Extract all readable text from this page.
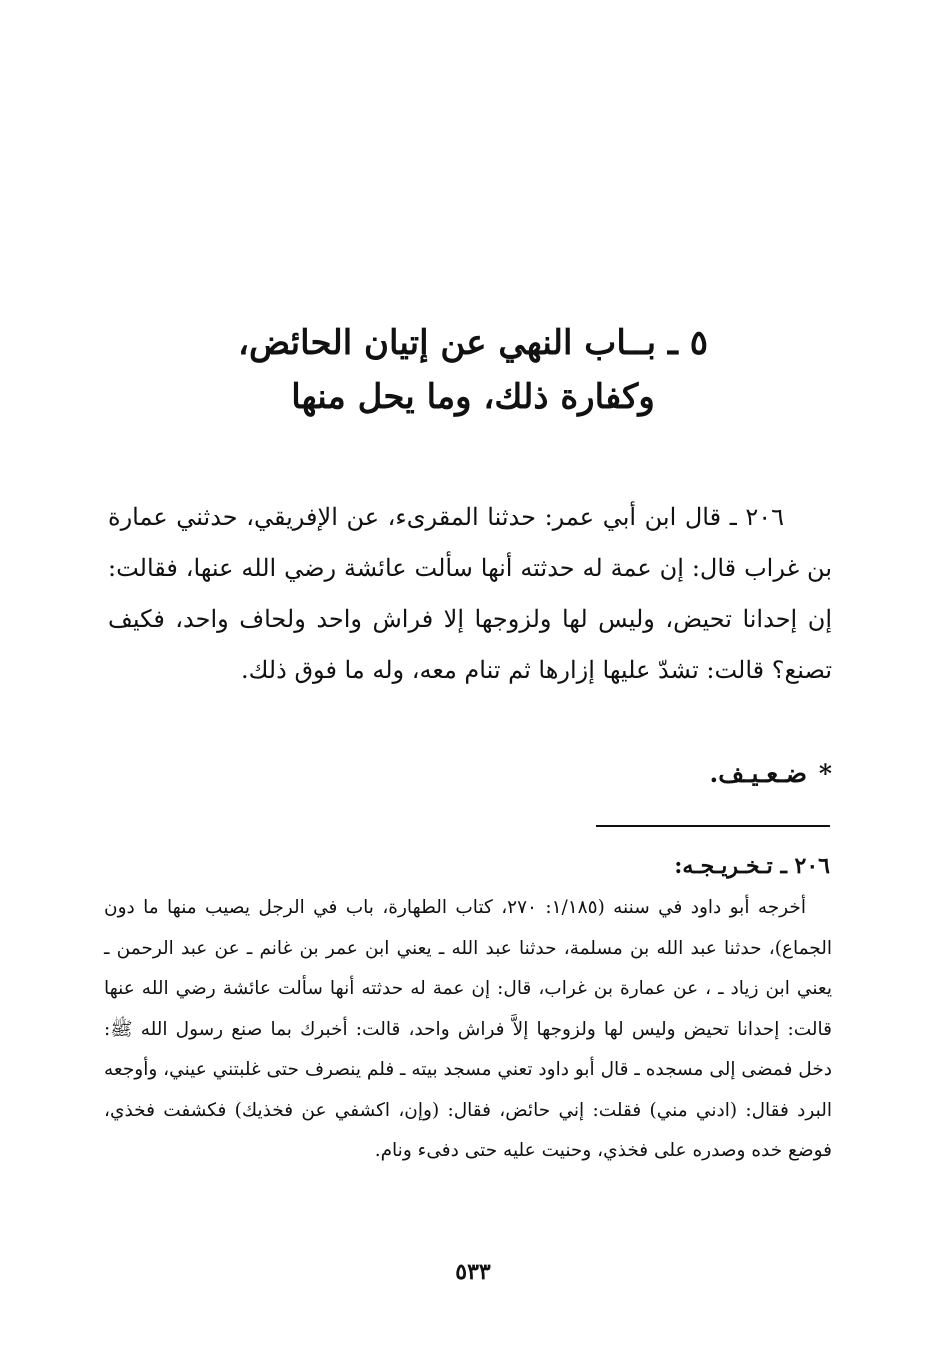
٥ ـ بــاب النهي عن إتيان الحائض،
وكفارة ذلك، وما يحل منها

٢٠٦ ـ قال ابن أبي عمر: حدثنا المقرىء، عن الإفريقي، حدثني عمارة بن غراب قال: إن عمة له حدثته أنها سألت عائشة رضي الله عنها، فقالت: إن إحدانا تحيض، وليس لها ولزوجها إلا فراش واحد ولحاف واحد، فكيف تصنع؟ قالت: تشدّ عليها إزارها ثم تنام معه، وله ما فوق ذلك.

*ضـعـيـف.
٢٠٦ ـ تـخـريـجـه:

أخرجه أبو داود في سننه (١/١٨٥: ٢٧٠، كتاب الطهارة، باب في الرجل يصيب منها ما دون الجماع)، حدثنا عبد الله بن مسلمة، حدثنا عبد الله ـ يعني ابن عمر بن غانم ـ عن عبد الرحمن ـ يعني ابن زياد ـ ، عن عمارة بن غراب، قال: إن عمة له حدثته أنها سألت عائشة رضي الله عنها قالت: إحدانا تحيض وليس لها ولزوجها إلاَّ فراش واحد، قالت: أخبرك بما صنع رسول الله ﷺ: دخل فمضى إلى مسجده ـ قال أبو داود تعني مسجد بيته ـ فلم ينصرف حتى غلبتني عيني، وأوجعه البرد فقال: (ادني مني) فقلت: إني حائض، فقال: (وإن، اكشفي عن فخذيك) فكشفت فخذي، فوضع خده وصدره على فخذي، وحنيت عليه حتى دفىء ونام.

٥٣٣
